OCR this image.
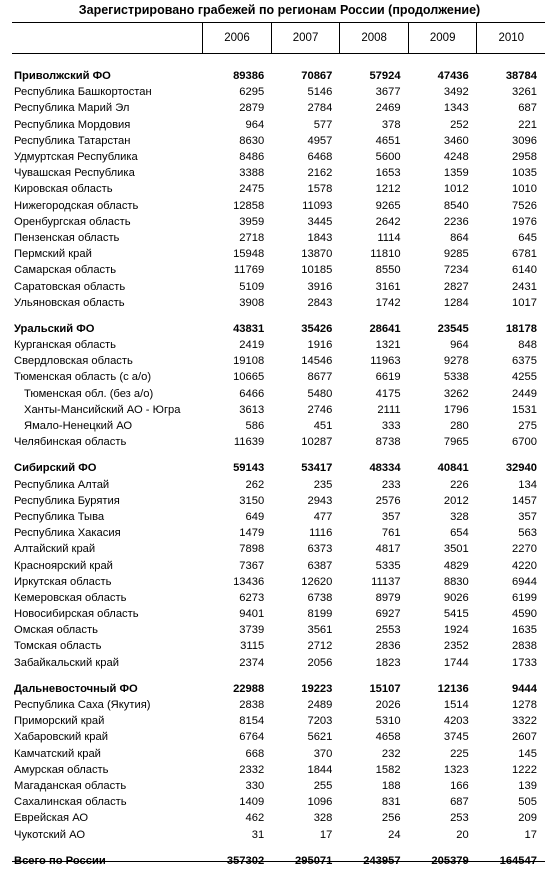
Зарегистрировано грабежей по регионам России (продолжение)
2006	2007	2008	2009	2010
Приволжский ФО	89386	70867	57924	47436	38784
Республика Башкортостан	6295	5146	3677	3492	3261
Республика Марий Эл	2879	2784	2469	1343	687
Республика Мордовия	964	577	378	252	221
Республика Татарстан	8630	4957	4651	3460	3096
Удмуртская Республика	8486	6468	5600	4248	2958
Чувашская Республика	3388	2162	1653	1359	1035
Кировская область	2475	1578	1212	1012	1010
Нижегородская область	12858	11093	9265	8540	7526
Оренбургская область	3959	3445	2642	2236	1976
Пензенская область	2718	1843	1114	864	645
Пермский край	15948	13870	11810	9285	6781
Самарская область	11769	10185	8550	7234	6140
Саратовская область	5109	3916	3161	2827	2431
Ульяновская область	3908	2843	1742	1284	1017
Уральский ФО	43831	35426	28641	23545	18178
Курганская область	2419	1916	1321	964	848
Свердловская область	19108	14546	11963	9278	6375
Тюменская область (с а/о)	10665	8677	6619	5338	4255
Тюменская обл. (без а/о)	6466	5480	4175	3262	2449
Ханты-Мансийский АО - Югра	3613	2746	2111	1796	1531
Ямало-Ненецкий АО	586	451	333	280	275
Челябинская область	11639	10287	8738	7965	6700
Сибирский ФО	59143	53417	48334	40841	32940
Республика Алтай	262	235	233	226	134
Республика Бурятия	3150	2943	2576	2012	1457
Республика Тыва	649	477	357	328	357
Республика Хакасия	1479	1116	761	654	563
Алтайский край	7898	6373	4817	3501	2270
Красноярский край	7367	6387	5335	4829	4220
Иркутская область	13436	12620	11137	8830	6944
Кемеровская область	6273	6738	8979	9026	6199
Новосибирская область	9401	8199	6927	5415	4590
Омская область	3739	3561	2553	1924	1635
Томская область	3115	2712	2836	2352	2838
Забайкальский край	2374	2056	1823	1744	1733
Дальневосточный ФО	22988	19223	15107	12136	9444
Республика Саха (Якутия)	2838	2489	2026	1514	1278
Приморский край	8154	7203	5310	4203	3322
Хабаровский край	6764	5621	4658	3745	2607
Камчатский край	668	370	232	225	145
Амурская область	2332	1844	1582	1323	1222
Магаданская область	330	255	188	166	139
Сахалинская область	1409	1096	831	687	505
Еврейская АО	462	328	256	253	209
Чукотский АО	31	17	24	20	17
Всего по России	357302	295071	243957	205379	164547
